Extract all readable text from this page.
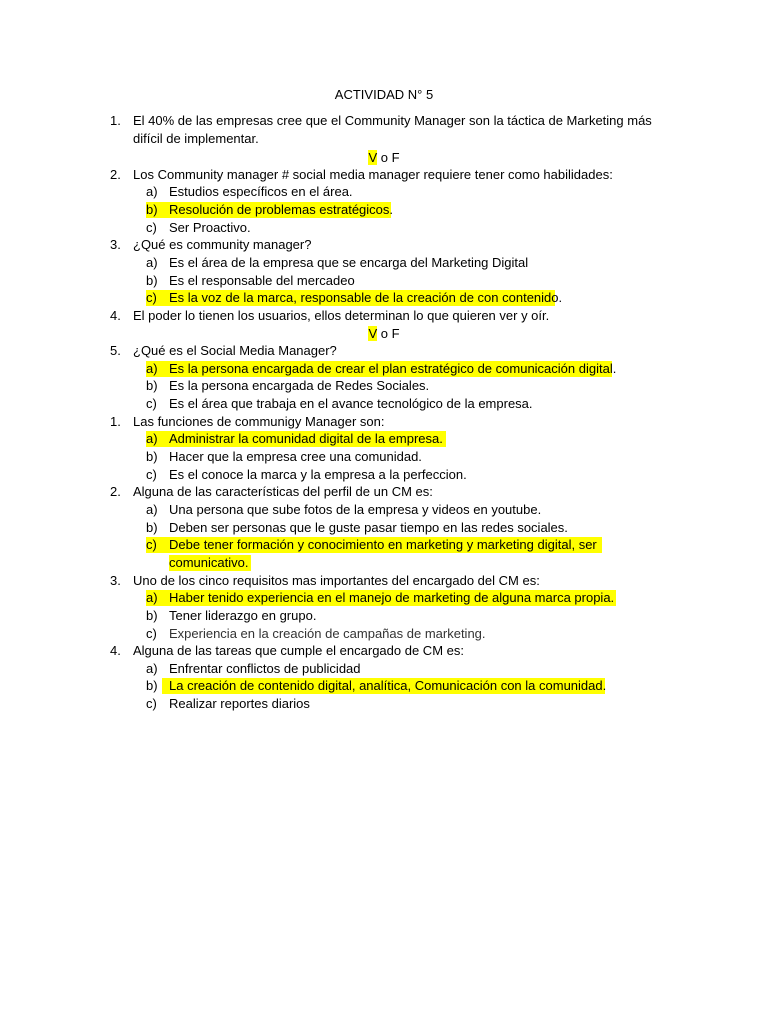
ACTIVIDAD N° 5
1. El 40% de las empresas cree que el Community Manager son la táctica de Marketing más
difícil de implementar.
V o F
2. Los Community manager # social media manager requiere tener como habilidades:
a) Estudios específicos en el área.
b) Resolución de problemas estratégicos.
c) Ser Proactivo.
3. ¿Qué es community manager?
a) Es el área de la empresa que se encarga del Marketing Digital
b) Es el responsable del mercadeo
c) Es la voz de la marca, responsable de la creación de con contenido.
4. El poder lo tienen los usuarios, ellos determinan lo que quieren ver y oír.
V o F
5. ¿Qué es el Social Media Manager?
a) Es la persona encargada de crear el plan estratégico de comunicación digital.
b) Es la persona encargada de Redes Sociales.
c) Es el área que trabaja en el avance tecnológico de la empresa.
1. Las funciones de communigy Manager son:
a) Administrar la comunidad digital de la empresa.
b) Hacer que la empresa cree una comunidad.
c) Es el conoce la marca y la empresa a la perfeccion.
2. Alguna de las características del perfil de un CM es:
a) Una persona que sube fotos de la empresa y videos en youtube.
b) Deben ser personas que le guste pasar tiempo en las redes sociales.
c) Debe tener formación y conocimiento en marketing y marketing digital, ser
comunicativo.
3. Uno de los cinco requisitos mas importantes del encargado del CM es:
a) Haber tenido experiencia en el manejo de marketing de alguna marca propia.
b) Tener liderazgo en grupo.
c) Experiencia en la creación de campañas de marketing.
4. Alguna de las tareas que cumple el encargado de CM es:
a) Enfrentar conflictos de publicidad
b) La creación de contenido digital, analítica, Comunicación con la comunidad.
c) Realizar reportes diarios
